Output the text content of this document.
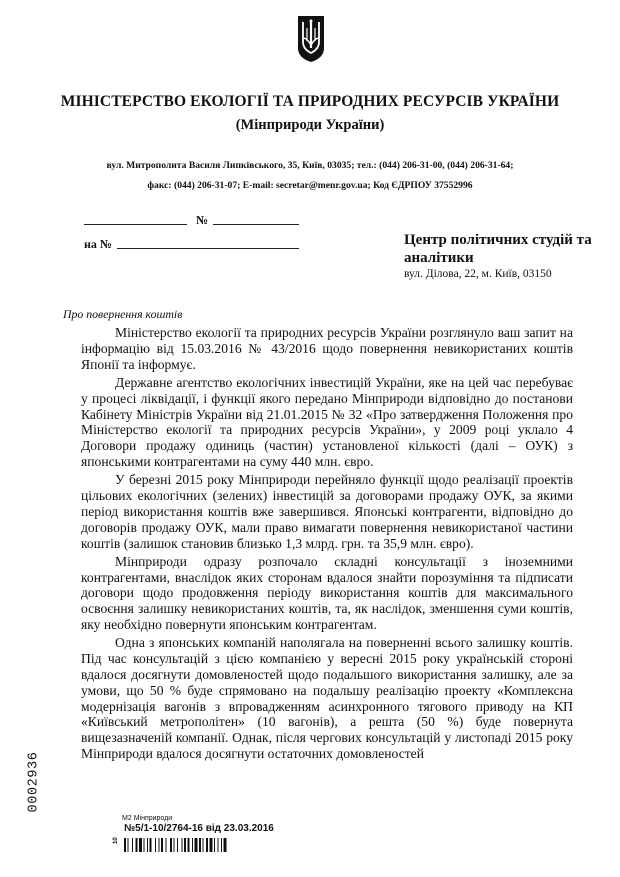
МІНІСТЕРСТВО ЕКОЛОГІЇ ТА ПРИРОДНИХ РЕСУРСІВ УКРАЇНИ
(Мінприроди України)
вул. Митрополита Василя Липківського, 35, Київ, 03035; тел.: (044) 206-31-00, (044) 206-31-64;
факс: (044) 206-31-07; E-mail: secretar@menr.gov.ua; Код ЄДРПОУ 37552996
№
на №	Центр політичних студій та аналітики
вул. Ділова, 22, м. Київ, 03150
Про повернення коштів

Міністерство екології та природних ресурсів України розглянуло ваш запит на інформацію від 15.03.2016 № 43/2016 щодо повернення невикористаних коштів Японії та інформує.

Державне агентство екологічних інвестицій України, яке на цей час перебуває у процесі ліквідації, і функції якого передано Мінприроди відповідно до постанови Кабінету Міністрів України від 21.01.2015 № 32 «Про затвердження Положення про Міністерство екології та природних ресурсів України», у 2009 році уклало 4 Договори продажу одиниць (частин) установленої кількості (далі – ОУК) з японськими контрагентами на суму 440 млн. євро.

У березні 2015 року Мінприроди перейняло функції щодо реалізації проектів цільових екологічних (зелених) інвестицій за договорами продажу ОУК, за якими період використання коштів вже завершився. Японські контрагенти, відповідно до договорів продажу ОУК, мали право вимагати повернення невикористаної частини коштів (залишок становив близько 1,3 млрд. грн. та 35,9 млн. євро).

Мінприроди одразу розпочало складні консультації з іноземними контрагентами, внаслідок яких сторонам вдалося знайти порозуміння та підписати договори щодо продовження періоду використання коштів для максимального освоєння залишку невикористаних коштів, та, як наслідок, зменшення суми коштів, яку необхідно повернути японським контрагентам.

Одна з японських компаній наполягала на поверненні всього залишку коштів. Під час консультацій з цією компанією у вересні 2015 року українській стороні вдалося досягнути домовленостей щодо подальшого використання залишку, але за умови, що 50 % буде спрямовано на подальшу реалізацію проекту «Комплексна модернізація вагонів з впровадженням асинхронного тягового приводу на КП «Київський метрополітен» (10 вагонів), а решта (50 %) буде повернута вищезазначеній компанії. Однак, після чергових консультацій у листопаді 2015 року Мінприроди вдалося досягнути остаточних домовленостей

0002936
М2 Мінприроди
№5/1-10/2764-16 від 23.03.2016
10
